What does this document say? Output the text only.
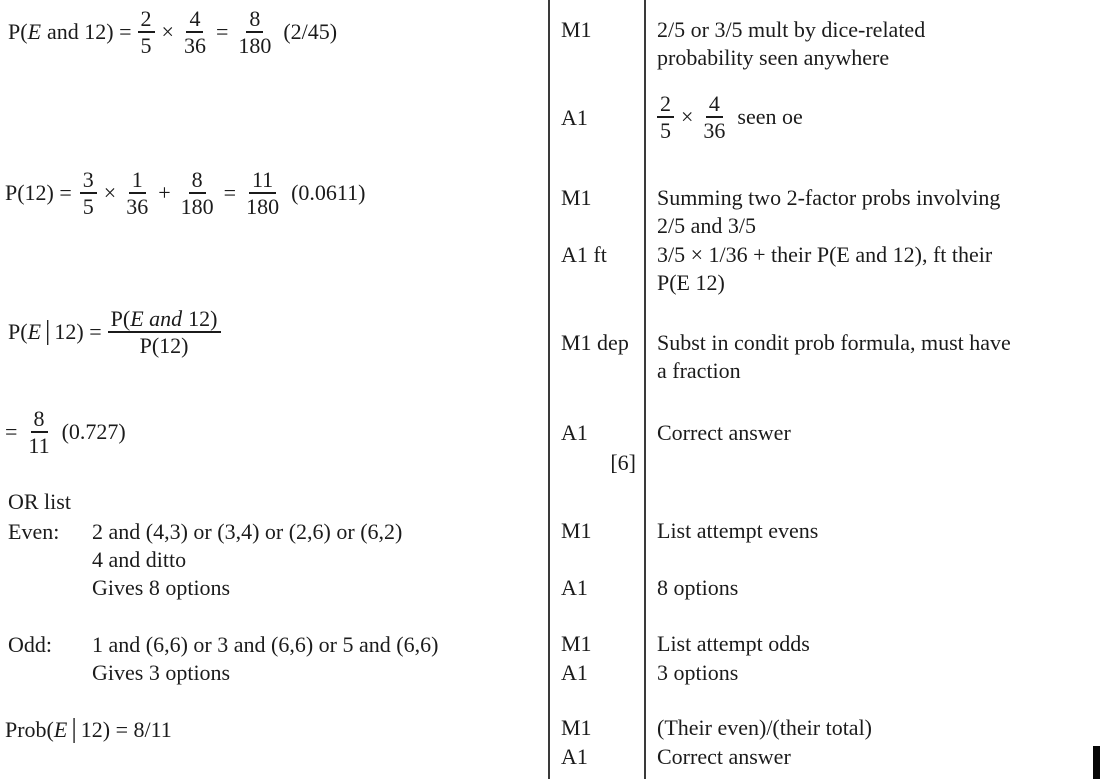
P(E and $12) = \frac{2}{5} \times \frac{4}{36} = \frac{8}{180} (2/45)$
$P(12) = \frac{3}{5} \times \frac{1}{36} + \frac{8}{180} = \frac{11}{180} (0.0611)$
P(E | $12) = \frac{\text{P(E and 12)}}{P(12)}$
= $\frac{8}{11} (0.727)$
OR list
Even:	2 and (4,3) or (3,4) or (2,6) or (6,2)
4 and ditto
Gives 8 options
Odd:	1 and (6,6) or 3 and (6,6) or 5 and (6,6)
Gives 3 options
Prob(E | 12) = 8/11
M1
A1
M1
A1 ft
M1 dep
A1
[6]
M1
A1
M1
A1
M1
A1
2/5 or 3/5 mult by dice-related
probability seen anywhere
$\frac{2}{5} \times \frac{4}{36}$ seen oe
Summing two 2-factor probs involving
2/5 and 3/5
3/5 × 1/36 + their P(E and 12), ft their
P(E 12)
Subst in condit prob formula, must have
a fraction
Correct answer
List attempt evens
8 options
List attempt odds
3 options
(Their even)/(their total)
Correct answer
